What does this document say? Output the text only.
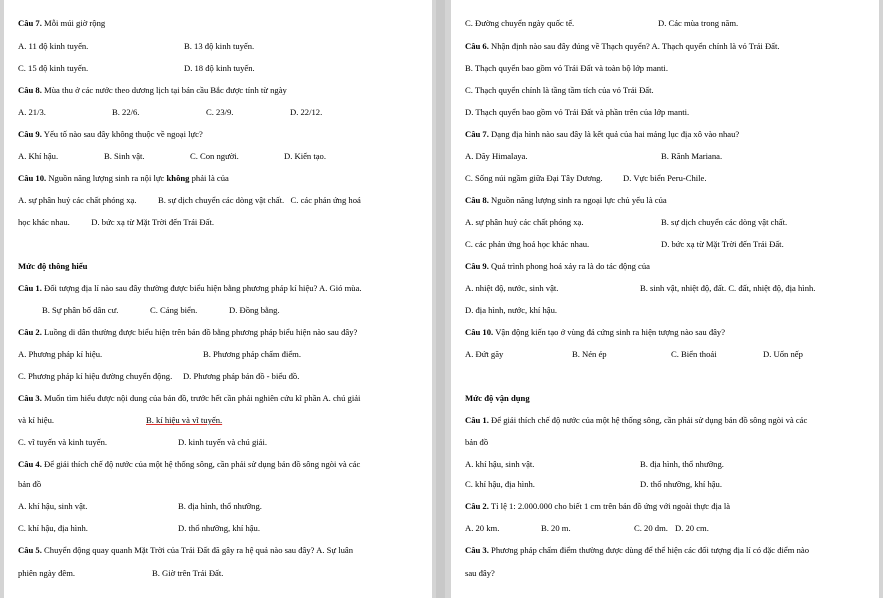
Câu 7. Mỗi múi giờ rộng
A. 11 độ kinh tuyến.	B. 13 độ kinh tuyến.
C. 15 độ kinh tuyến.	D. 18 độ kinh tuyến.
Câu 8. Mùa thu ở các nước theo dương lịch tại bán cầu Bắc được tính từ ngày
A. 21/3.	B. 22/6.	C. 23/9.	D. 22/12.
Câu 9. Yếu tố nào sau đây không thuộc về ngoại lực?
A. Khí hậu.	B. Sinh vật.	C. Con người.	D. Kiến tạo.
Câu 10. Nguồn năng lượng sinh ra nội lực không phải là của
A. sự phân huỷ các chất phóng xạ.          B. sự dịch chuyển các dòng vật chất.   C. các phản ứng hoá
học khác nhau.          D. bức xạ từ Mặt Trời đến Trái Đất.
Mức độ thông hiểu
Câu 1. Đối tượng địa lí nào sau đây thường được biểu hiện bằng phương pháp kí hiệu? A. Gió mùa.
B. Sự phân bố dân cư.	C. Cảng biển.	D. Đồng bằng.
Câu 2. Luồng di dân thường được biểu hiện trên bản đồ bằng phương pháp biểu hiện nào sau đây?
A. Phương pháp kí hiệu.	B. Phương pháp chấm điểm.
C. Phương pháp kí hiệu đường chuyển động.     D. Phương pháp bản đồ - biểu đồ.
Câu 3. Muốn tìm hiểu được nội dung của bản đồ, trước hết cần phải nghiên cứu kĩ phần A. chú giải
và kí hiệu.	B. kí hiệu và vĩ tuyến.
C. vĩ tuyến và kinh tuyến.	D. kinh tuyến và chú giải.
Câu 4. Để giải thích chế độ nước của một hệ thống sông, cần phải sử dụng bản đồ sông ngòi và các
bản đồ
A. khí hậu, sinh vật.	B. địa hình, thổ nhưỡng.
C. khí hậu, địa hình.	D. thổ nhưỡng, khí hậu.
Câu 5. Chuyển động quay quanh Mặt Trời của Trái Đất đã gây ra hệ quả nào sau đây? A. Sự luân
phiên ngày đêm.	B. Giờ trên Trái Đất.
C. Đường chuyển ngày quốc tế.	D. Các mùa trong năm.
Câu 6. Nhận định nào sau đây đúng về Thạch quyển? A. Thạch quyển chính là vỏ Trái Đất.
B. Thạch quyển bao gồm vỏ Trái Đất và toàn bộ lớp manti.
C. Thạch quyển chính là tầng tầm tích của vỏ Trái Đất.
D. Thạch quyển bao gồm vỏ Trái Đất và phần trên của lớp manti.
Câu 7. Dạng địa hình nào sau đây là kết quả của hai mảng lục địa xô vào nhau?
A. Dãy Himalaya.	B. Rãnh Mariana.
C. Sống núi ngầm giữa Đại Tây Dương. D. Vực biển Peru-Chile.
Câu 8. Nguồn năng lượng sinh ra ngoại lực chủ yếu là của
A. sự phân huỷ các chất phóng xạ.	B. sự dịch chuyển các dòng vật chất.
C. các phản ứng hoá học khác nhau.	D. bức xạ từ Mặt Trời đến Trái Đất.
Câu 9. Quá trình phong hoá xảy ra là do tác động của
A. nhiệt độ, nước, sinh vật.	B. sinh vật, nhiệt độ, đất. C. đất, nhiệt độ, địa hình.
D. địa hình, nước, khí hậu.
Câu 10. Vận động kiến tạo ở vùng đá cứng sinh ra hiện tượng nào sau đây?
A. Đứt gãy	B. Nén ép	C. Biển thoái	D. Uốn nếp
Mức độ vận dụng
Câu 1. Để giải thích chế độ nước của một hệ thống sông, cần phải sử dụng bản đồ sông ngòi và các
bản đồ
A. khí hậu, sinh vật.	B. địa hình, thổ nhưỡng.
C. khí hậu, địa hình.	D. thổ nhưỡng, khí hậu.
Câu 2. Tỉ lệ 1: 2.000.000 cho biết 1 cm trên bản đồ ứng với ngoài thực địa là
A. 20 km.	B. 20 m.	C. 20 dm. D. 20 cm.
Câu 3. Phương pháp chấm điểm thường được dùng để thể hiện các đối tượng địa lí có đặc điểm nào
sau đây?
